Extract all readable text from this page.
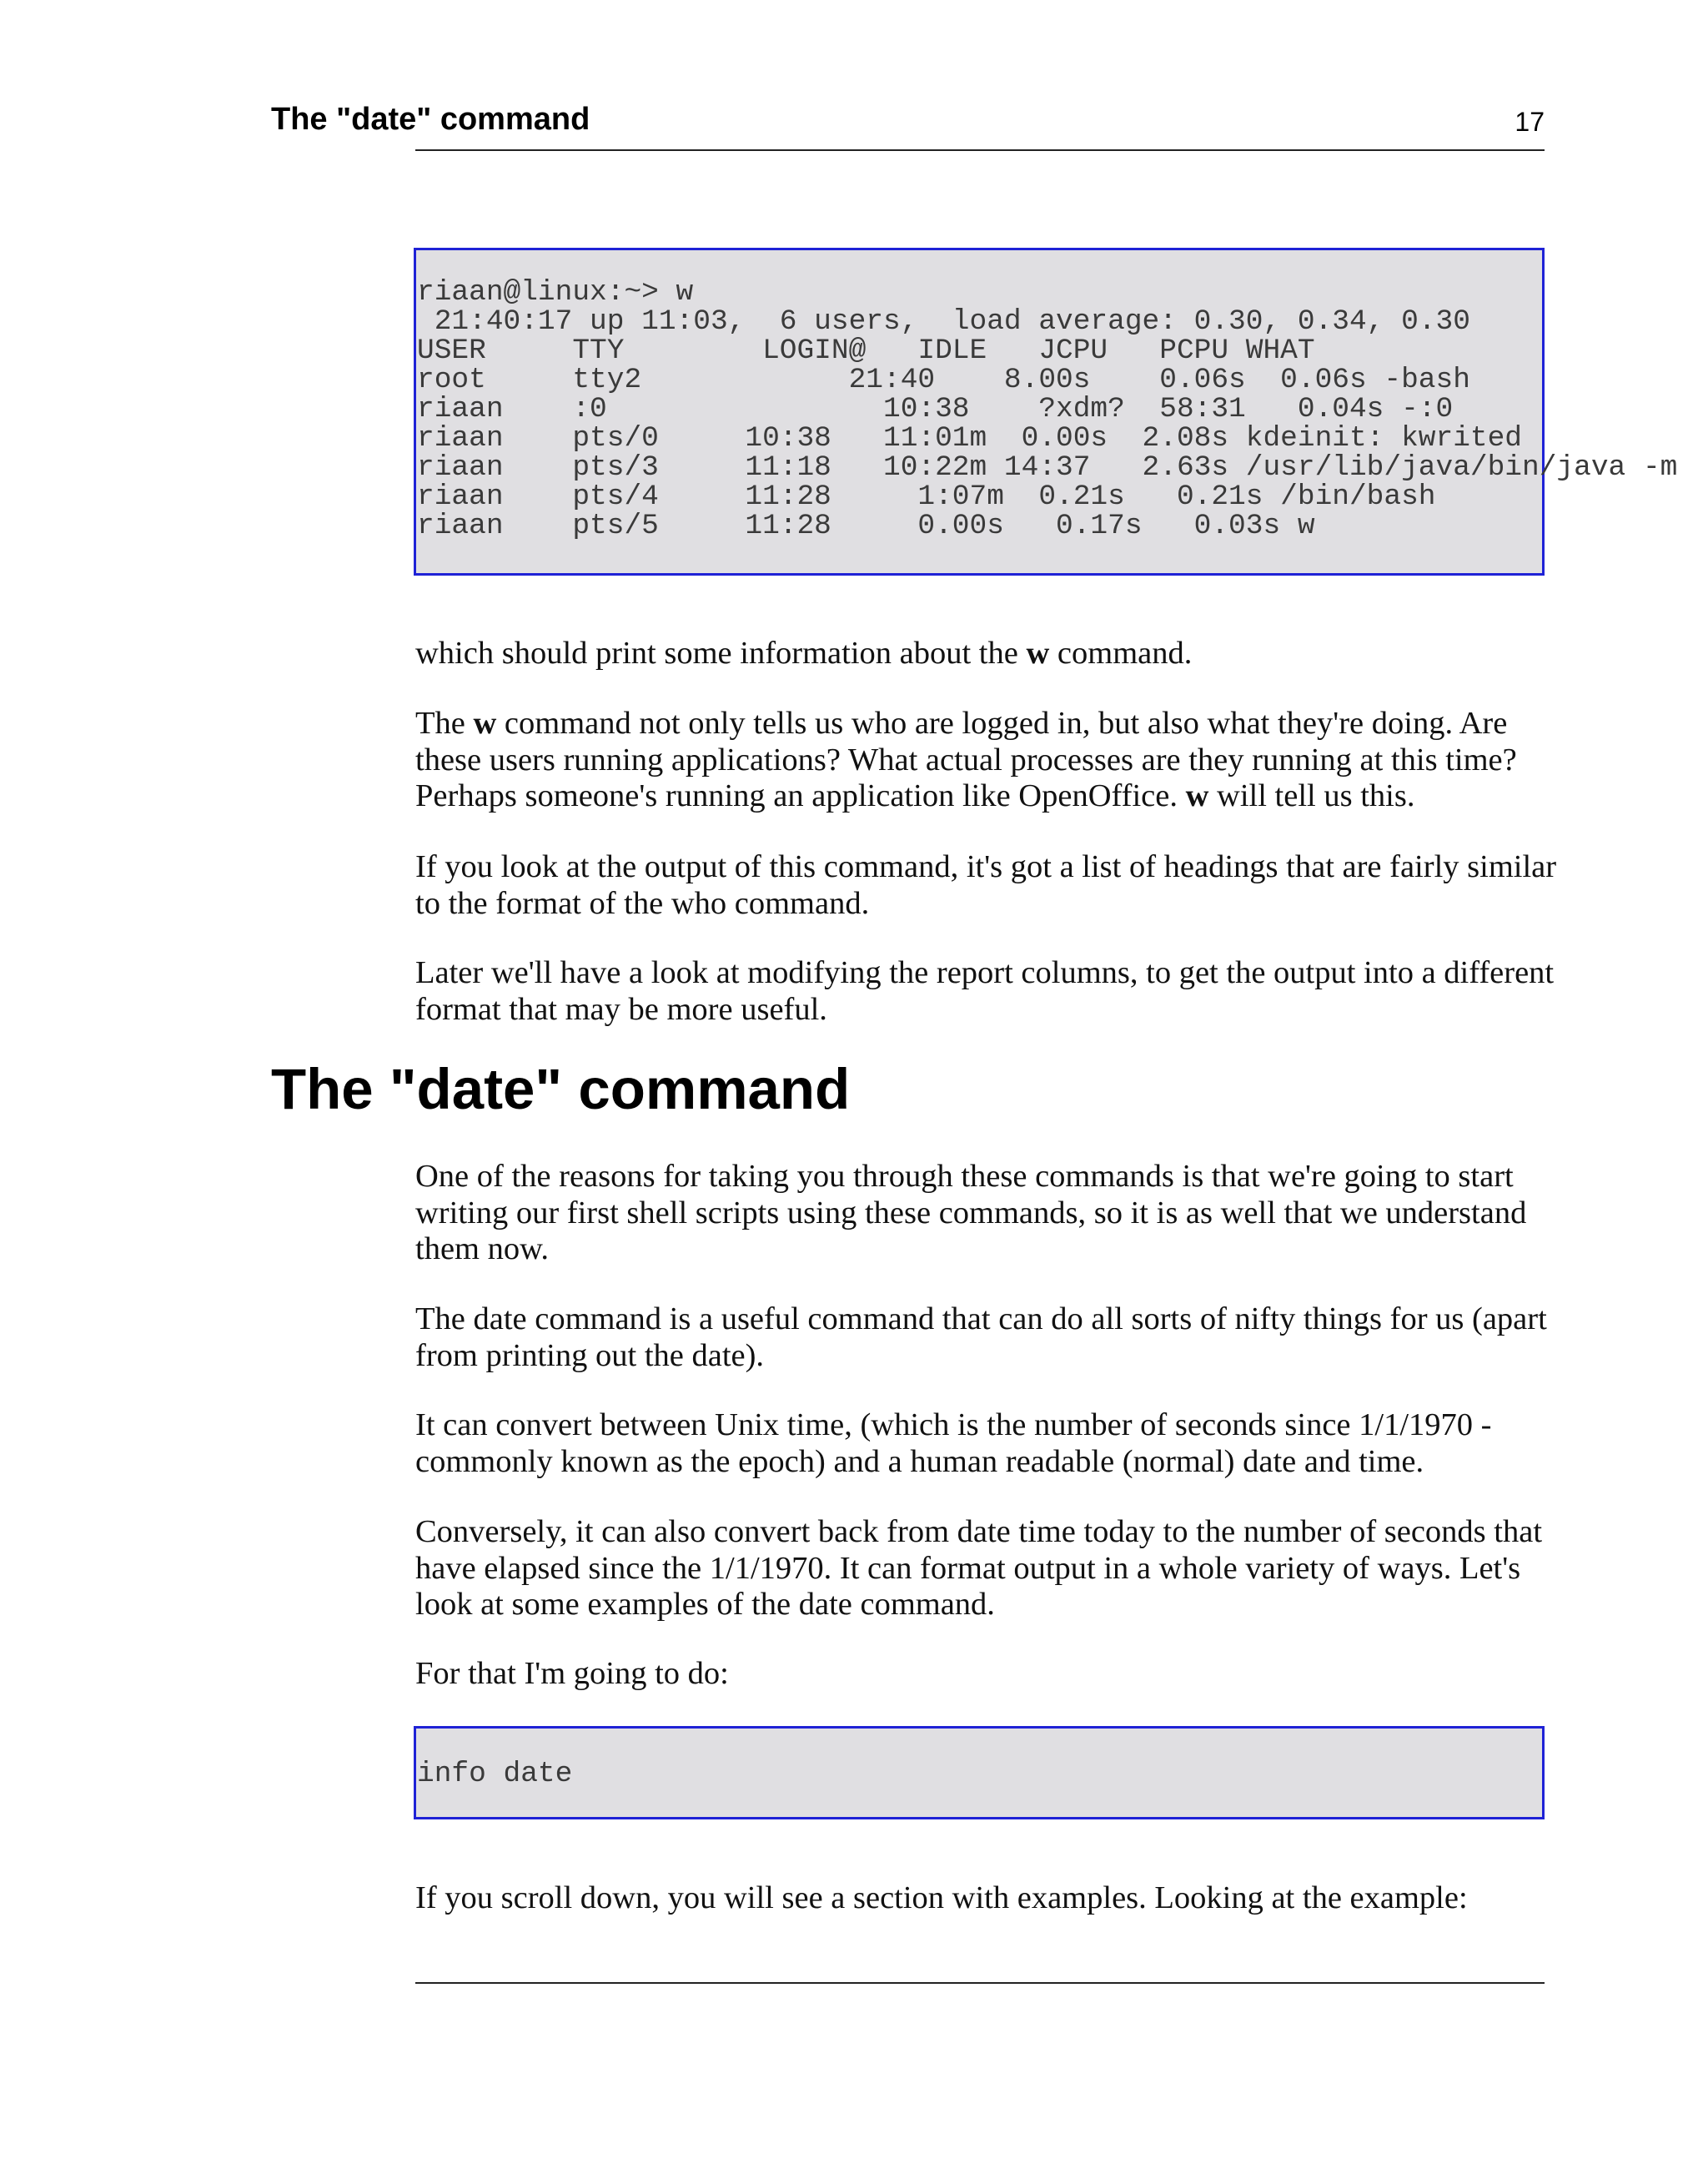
The "date" command	17
riaan@linux:~> w
21:40:17 up 11:03,  6 users,  load average: 0.30, 0.34, 0.30
USER     TTY        LOGIN@   IDLE   JCPU   PCPU WHAT
root     tty2            21:40    8.00s    0.06s  0.06s -bash
riaan    :0                10:38    ?xdm?  58:31   0.04s -:0
riaan    pts/0     10:38   11:01m  0.00s  2.08s kdeinit: kwrited
riaan    pts/3     11:18   10:22m 14:37   2.63s /usr/lib/java/bin/java -m
riaan    pts/4     11:28     1:07m  0.21s   0.21s /bin/bash
riaan    pts/5     11:28     0.00s   0.17s   0.03s w

which should print some information about the w command.

The w command not only tells us who are logged in, but also what they're doing. Are these users running applications? What actual processes are they running at this time? Perhaps someone's running an application like OpenOffice. w will tell us this.

If you look at the output of this command, it's got a list of headings that are fairly similar to the format of the who command.

Later we'll have a look at modifying the report columns, to get the output into a different format that may be more useful.

The "date" command

One of the reasons for taking you through these commands is that we're going to start writing our first shell scripts using these commands, so it is as well that we understand them now.

The date command is a useful command that can do all sorts of nifty things for us (apart from printing out the date).

It can convert between Unix time, (which is the number of seconds since 1/1/1970 - commonly known as the epoch) and a human readable (normal) date and time.

Conversely, it can also convert back from date time today to the number of seconds that have elapsed since the 1/1/1970. It can format output in a whole variety of ways. Let's look at some examples of the date command.

For that I'm going to do:

info date

If you scroll down, you will see a section with examples. Looking at the example:
